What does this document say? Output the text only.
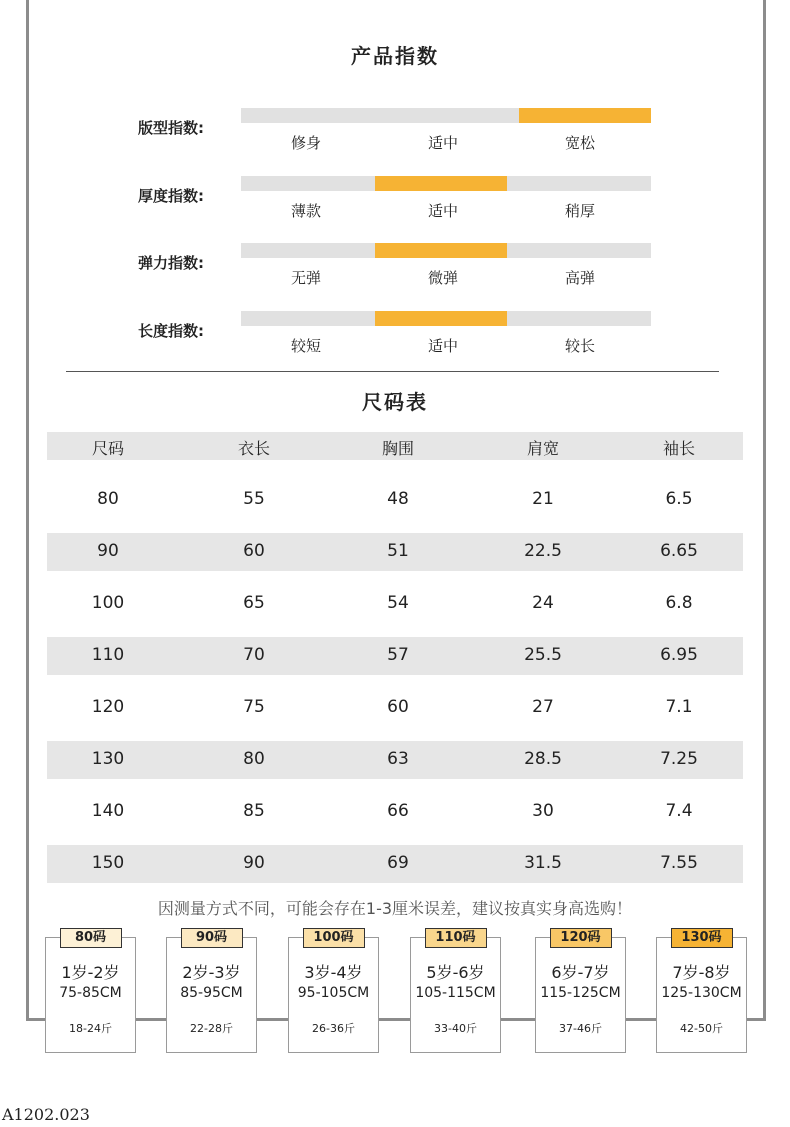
产品指数
版型指数:
修身	适中	宽松
厚度指数:
薄款	适中	稍厚
弹力指数:
无弹	微弹	高弹
长度指数:
较短	适中	较长
尺码表
尺码	衣长	胸围	肩宽	袖长
80	55	48	21	6.5
90	60	51	22.5	6.65
100	65	54	24	6.8
110	70	57	25.5	6.95
120	75	60	27	7.1
130	80	63	28.5	7.25
140	85	66	30	7.4
150	90	69	31.5	7.55
因测量方式不同，可能会存在1-3厘米误差，建议按真实身高选购！
80码
1岁-2岁
75-85CM
18-24斤
90码
2岁-3岁
85-95CM
22-28斤
100码
3岁-4岁
95-105CM
26-36斤
110码
5岁-6岁
105-115CM
33-40斤
120码
6岁-7岁
115-125CM
37-46斤
130码
7岁-8岁
125-130CM
42-50斤
A1202.023
